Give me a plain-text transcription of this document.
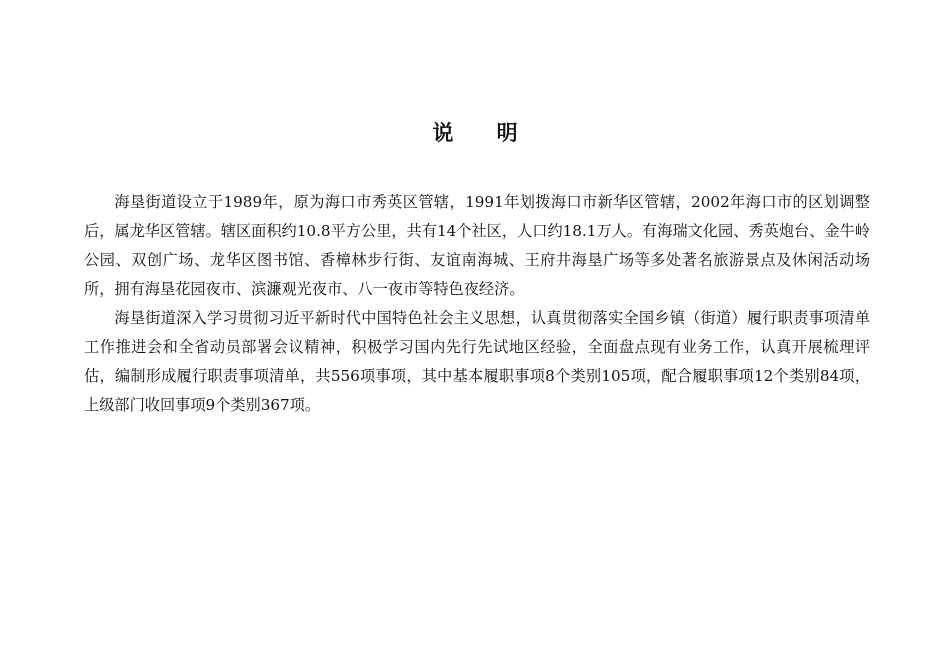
说 明

海垦街道设立于1989年，原为海口市秀英区管辖，1991年划拨海口市新华区管辖，2002年海口市的区划调整后，属龙华区管辖。辖区面积约10.8平方公里，共有14个社区，人口约18.1万人。有海瑞文化园、秀英炮台、金牛岭公园、双创广场、龙华区图书馆、香樟林步行街、友谊南海城、王府井海垦广场等多处著名旅游景点及休闲活动场所，拥有海垦花园夜市、滨濂观光夜市、八一夜市等特色夜经济。

海垦街道深入学习贯彻习近平新时代中国特色社会主义思想，认真贯彻落实全国乡镇（街道）履行职责事项清单工作推进会和全省动员部署会议精神，积极学习国内先行先试地区经验，全面盘点现有业务工作，认真开展梳理评估，编制形成履行职责事项清单，共556项事项，其中基本履职事项8个类别105项，配合履职事项12个类别84项，上级部门收回事项9个类别367项。
